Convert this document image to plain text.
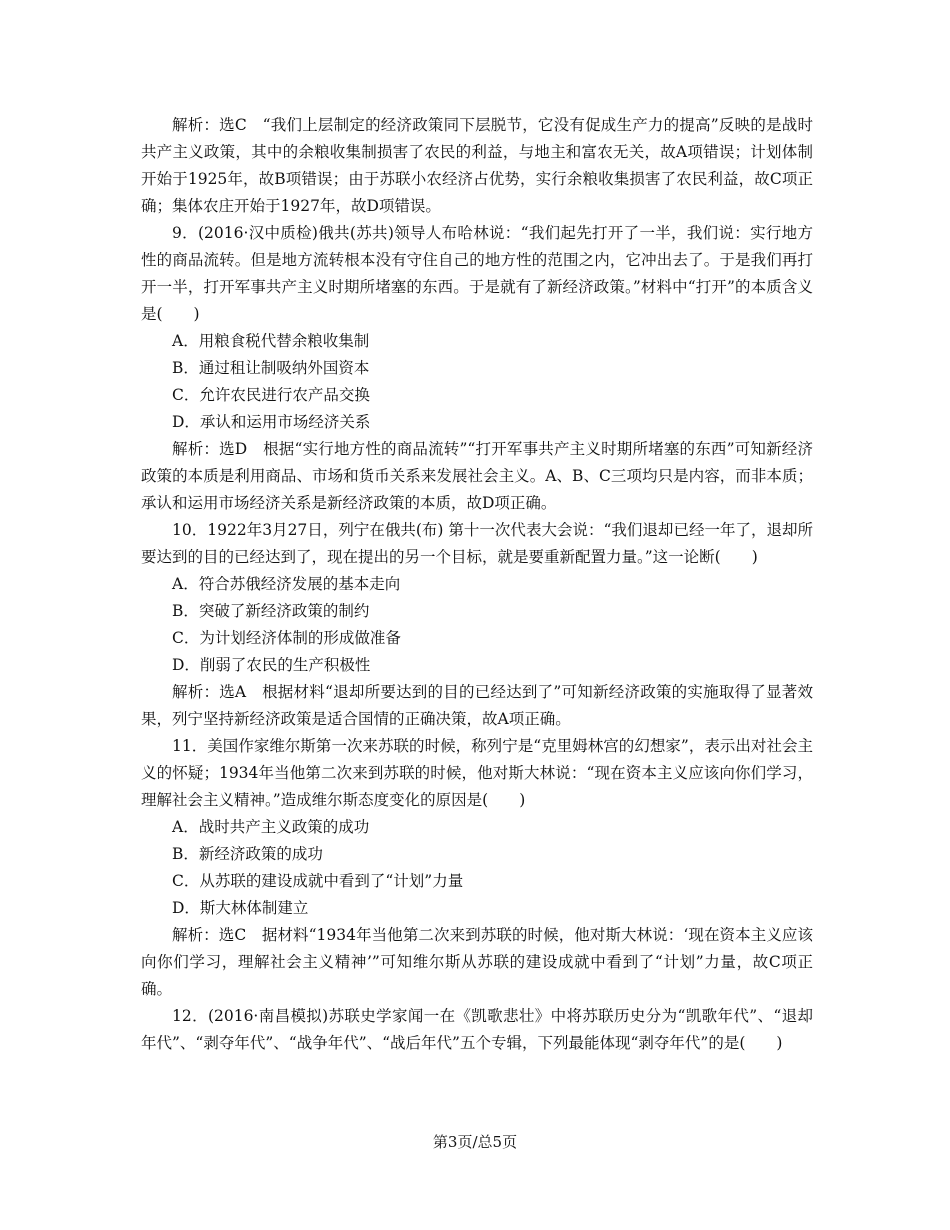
解析：选C　“我们上层制定的经济政策同下层脱节，它没有促成生产力的提高”反映的是战时共产主义政策，其中的余粮收集制损害了农民的利益，与地主和富农无关，故A项错误；计划体制开始于1925年，故B项错误；由于苏联小农经济占优势，实行余粮收集损害了农民利益，故C项正确；集体农庄开始于1927年，故D项错误。

9．(2016·汉中质检)俄共(苏共)领导人布哈林说：“我们起先打开了一半，我们说：实行地方性的商品流转。但是地方流转根本没有守住自己的地方性的范围之内，它冲出去了。于是我们再打开一半，打开军事共产主义时期所堵塞的东西。于是就有了新经济政策。”材料中“打开”的本质含义是(　　)

A．用粮食税代替余粮收集制

B．通过租让制吸纳外国资本

C．允许农民进行农产品交换

D．承认和运用市场经济关系

解析：选D　根据“实行地方性的商品流转”“打开军事共产主义时期所堵塞的东西”可知新经济政策的本质是利用商品、市场和货币关系来发展社会主义。A、B、C三项均只是内容，而非本质；承认和运用市场经济关系是新经济政策的本质，故D项正确。

10．1922年3月27日，列宁在俄共(布) 第十一次代表大会说：“我们退却已经一年了，退却所要达到的目的已经达到了，现在提出的另一个目标，就是要重新配置力量。”这一论断(　　)

A．符合苏俄经济发展的基本走向

B．突破了新经济政策的制约

C．为计划经济体制的形成做准备

D．削弱了农民的生产积极性

解析：选A　根据材料“退却所要达到的目的已经达到了”可知新经济政策的实施取得了显著效果，列宁坚持新经济政策是适合国情的正确决策，故A项正确。

11．美国作家维尔斯第一次来苏联的时候，称列宁是“克里姆林宫的幻想家”，表示出对社会主义的怀疑；1934年当他第二次来到苏联的时候，他对斯大林说：“现在资本主义应该向你们学习，理解社会主义精神。”造成维尔斯态度变化的原因是(　　)

A．战时共产主义政策的成功

B．新经济政策的成功

C．从苏联的建设成就中看到了“计划”力量

D．斯大林体制建立

解析：选C　据材料“1934年当他第二次来到苏联的时候，他对斯大林说：‘现在资本主义应该向你们学习，理解社会主义精神’”可知维尔斯从苏联的建设成就中看到了“计划”力量，故C项正确。

12．(2016·南昌模拟)苏联史学家闻一在《凯歌悲壮》中将苏联历史分为“凯歌年代”、“退却年代”、“剥夺年代”、“战争年代”、“战后年代”五个专辑，下列最能体现“剥夺年代”的是(　　)

第3页/总5页
